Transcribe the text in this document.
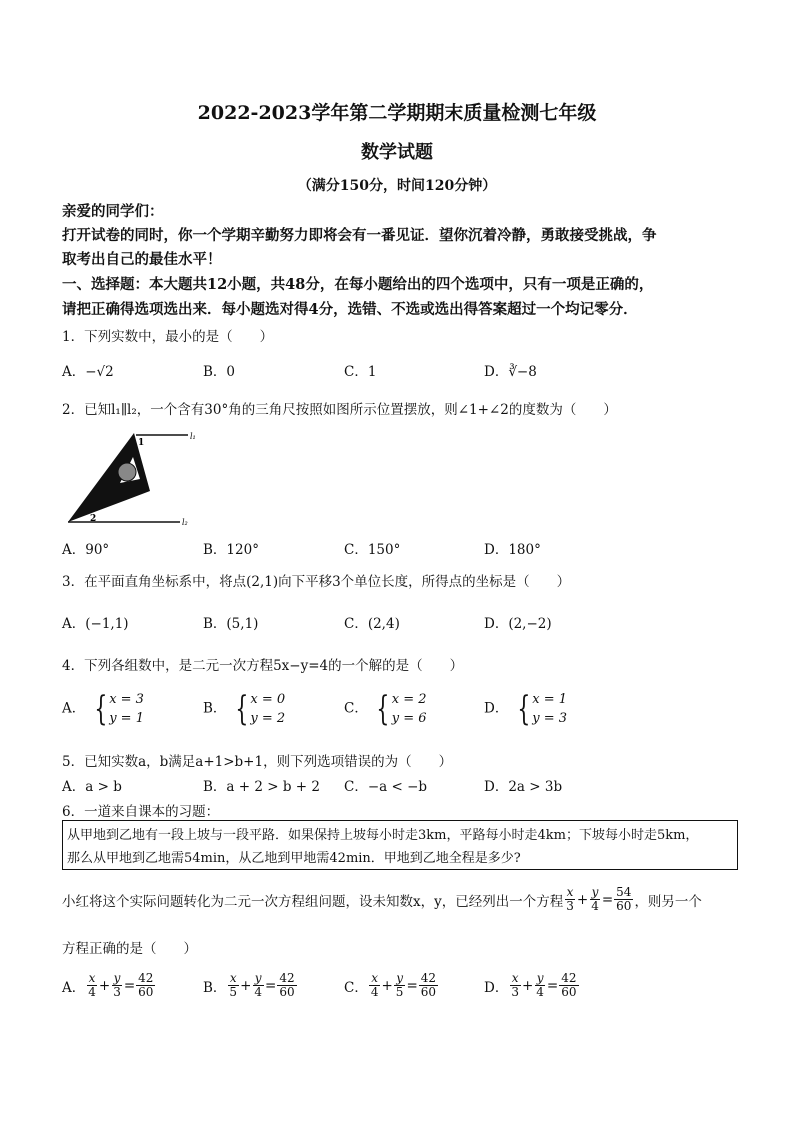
2022-2023学年第二学期期末质量检测七年级
数学试题
（满分150分，时间120分钟）
亲爱的同学们：
打开试卷的同时，你一个学期辛勤努力即将会有一番见证．望你沉着冷静，勇敢接受挑战，争
取考出自己的最佳水平！
一、选择题：本大题共12小题，共48分，在每小题给出的四个选项中，只有一项是正确的，
请把正确得选项选出来．每小题选对得4分，选错、不选或选出得答案超过一个均记零分．
1．下列实数中，最小的是（　　）
A．−√2	B．0	C．1	D．∛−8
2．已知l₁∥l₂，一个含有30°角的三角尺按照如图所示位置摆放，则∠1+∠2的度数为（　　）
1
2
l₁
l₂
A．90°	B．120°	C．150°	D．180°
3．在平面直角坐标系中，将点(2,1)向下平移3个单位长度，所得点的坐标是（　　）
A．(−1,1)	B．(5,1)	C．(2,4)	D．(2,−2)
4．下列各组数中，是二元一次方程5x−y=4的一个解的是（　　）
A． { x = 3
y = 1
B． { x = 0
y = 2
C． { x = 2
y = 6
D． { x = 1
y = 3
5．已知实数a，b满足a+1>b+1，则下列选项错误的为（　　）
A．a > b	B．a + 2 > b + 2 C．−a < −b	D．2a > 3b
6．一道来自课本的习题：
从甲地到乙地有一段上坡与一段平路．如果保持上坡每小时走3km，平路每小时走4km；下坡每小时走5km，
那么从甲地到乙地需54min，从乙地到甲地需42min．甲地到乙地全程是多少?
小红将这个实际问题转化为二元一次方程组问题，设未知数x，y，已经列出一个方程 $\frac{x}{3} + \frac{y}{4} = \frac{54}{60}$ ，则另一个
方程正确的是（　　）
A． $\frac{x}{4} + \frac{y}{3} = \frac{42}{60}$	B． $\frac{x}{5} + \frac{y}{4} = \frac{42}{60}$	C． $\frac{x}{4} + \frac{y}{5} = \frac{42}{60}$	D． $\frac{x}{3} + \frac{y}{4} = \frac{42}{60}$
